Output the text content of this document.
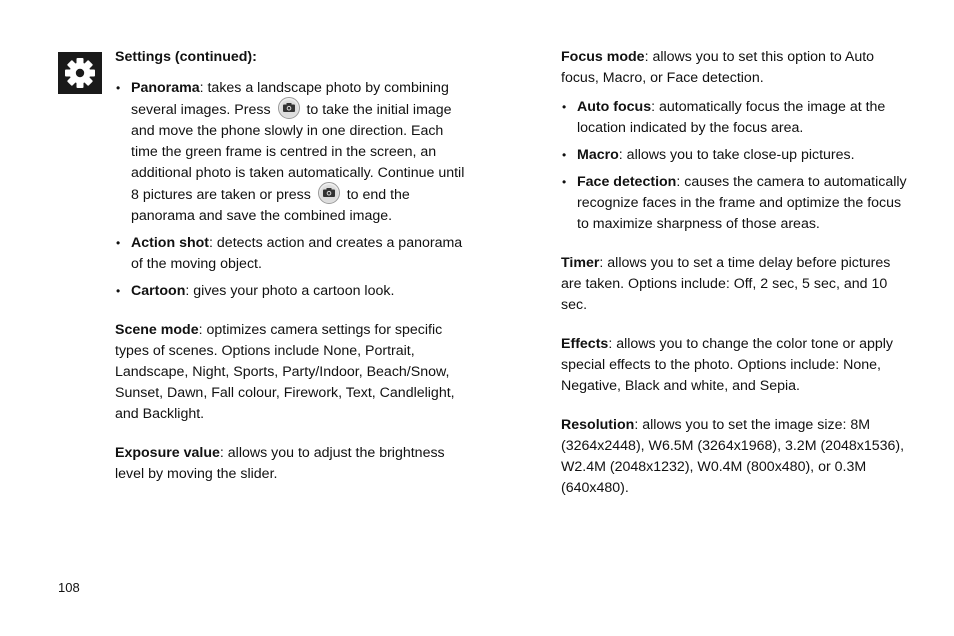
Settings (continued):

• Panorama: takes a landscape photo by combining several images. Press
to take the initial image and move the phone slowly in one direction. Each time the green frame is centred in the screen, an additional photo is taken automatically. Continue until 8 pictures are taken or press
to end the panorama and save the combined image.
• Action shot: detects action and creates a panorama of the moving object.
• Cartoon: gives your photo a cartoon look.

Scene mode: optimizes camera settings for specific types of scenes. Options include None, Portrait, Landscape, Night, Sports, Party/Indoor, Beach/Snow, Sunset, Dawn, Fall colour, Firework, Text, Candlelight, and Backlight.

Exposure value: allows you to adjust the brightness level by moving the slider.

Focus mode: allows you to set this option to Auto focus, Macro, or Face detection.

• Auto focus: automatically focus the image at the location indicated by the focus area.
• Macro: allows you to take close-up pictures.
• Face detection: causes the camera to automatically recognize faces in the frame and optimize the focus to maximize sharpness of those areas.

Timer: allows you to set a time delay before pictures are taken. Options include: Off, 2 sec, 5 sec, and 10 sec.

Effects: allows you to change the color tone or apply special effects to the photo. Options include: None, Negative, Black and white, and Sepia.

Resolution: allows you to set the image size: 8M (3264x2448), W6.5M (3264x1968), 3.2M (2048x1536), W2.4M (2048x1232), W0.4M (800x480), or 0.3M (640x480).

108
